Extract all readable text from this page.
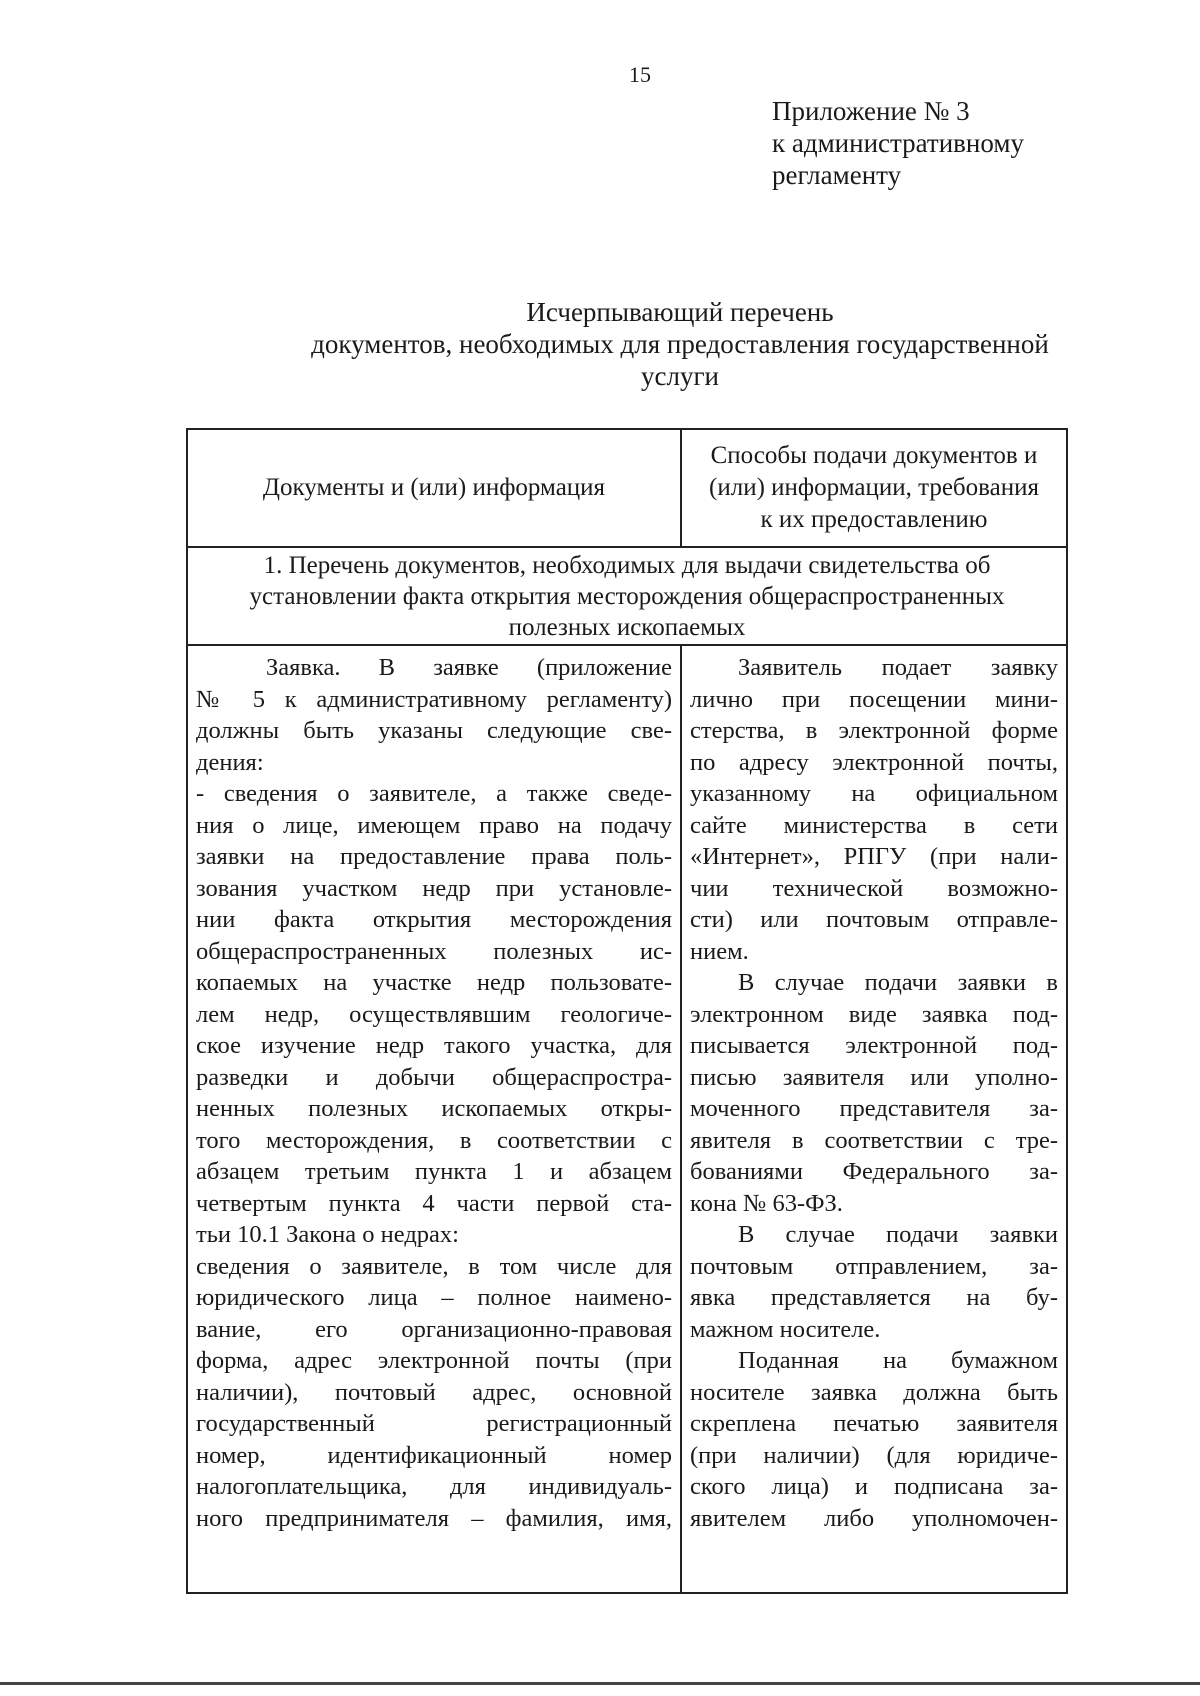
15
Приложение № 3
к административному
регламенту
Исчерпывающий перечень
документов, необходимых для предоставления государственной
услуги
Документы и (или) информация
Способы подачи документов и
(или) информации, требования
к их предоставлению
1. Перечень документов, необходимых для выдачи свидетельства об
установлении факта открытия месторождения общераспространенных
полезных ископаемых
Заявка. В заявке (приложение
№ 5 к административному регламенту)
должны быть указаны следующие све-
дения:
- сведения о заявителе, а также сведе-
ния о лице, имеющем право на подачу
заявки на предоставление права поль-
зования участком недр при установле-
нии факта открытия месторождения
общераспространенных полезных ис-
копаемых на участке недр пользовате-
лем недр, осуществлявшим геологиче-
ское изучение недр такого участка, для
разведки и добычи общераспростра-
ненных полезных ископаемых откры-
того месторождения, в соответствии с
абзацем третьим пункта 1 и абзацем
четвертым пункта 4 части первой ста-
тьи 10.1 Закона о недрах:
сведения о заявителе, в том числе для
юридического лица – полное наимено-
вание, его организационно-правовая
форма, адрес электронной почты (при
наличии), почтовый адрес, основной
государственный регистрационный
номер, идентификационный номер
налогоплательщика, для индивидуаль-
ного предпринимателя – фамилия, имя,
Заявитель подает заявку
лично при посещении мини-
стерства, в электронной форме
по адресу электронной почты,
указанному на официальном
сайте министерства в сети
«Интернет», РПГУ (при нали-
чии технической возможно-
сти) или почтовым отправле-
нием.
В случае подачи заявки в
электронном виде заявка под-
писывается электронной под-
писью заявителя или уполно-
моченного представителя за-
явителя в соответствии с тре-
бованиями Федерального за-
кона № 63-ФЗ.
В случае подачи заявки
почтовым отправлением, за-
явка представляется на бу-
мажном носителе.
Поданная на бумажном
носителе заявка должна быть
скреплена печатью заявителя
(при наличии) (для юридиче-
ского лица) и подписана за-
явителем либо уполномочен-
